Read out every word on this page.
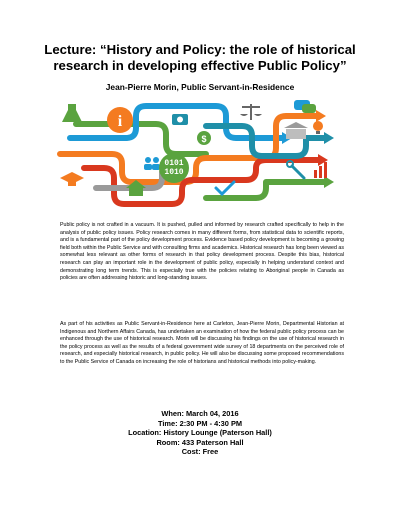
Lecture: “History and Policy: the role of historical
research in developing effective Public Policy”
Jean-Pierre Morin, Public Servant-in-Residence
i
$
0101
1010

Public policy is not crafted in a vacuum. It is pushed, pulled and informed by research crafted specifically to help in the analysis of public policy issues. Policy research comes in many different forms, from statistical data to scientific reports, and is a fundamental part of the policy development process. Evidence based policy development is becoming a growing field both within the Public Service and with consulting firms and academics. Historical research has long been viewed as somewhat less relevant as other forms of research in that policy development process. Despite this bias, historical research can play an important role in the development of public policy, especially in helping understand context and demonstrating long term trends. This is especially true with the policies relating to Aboriginal people in Canada as policies are often addressing historic and long-standing issues.

As part of his activities as Public Servant-in-Residence here at Carleton, Jean-Pierre Morin, Departmental Historian at Indigenous and Northern Affairs Canada, has undertaken an examination of how the federal public policy process can be enhanced through the use of historical research. Morin will be discussing his findings on the use of historical research in the policy process as well as the results of a federal government wide survey of 18 departments on the perceived role of research, and especially historical research, in public policy. He will also be discussing some proposed recommendations to the Public Service of Canada on increasing the role of historians and historical methods into policy-making.

When: March 04, 2016
Time: 2:30 PM - 4:30 PM
Location: History Lounge (Paterson Hall)
Room: 433 Paterson Hall
Cost: Free
